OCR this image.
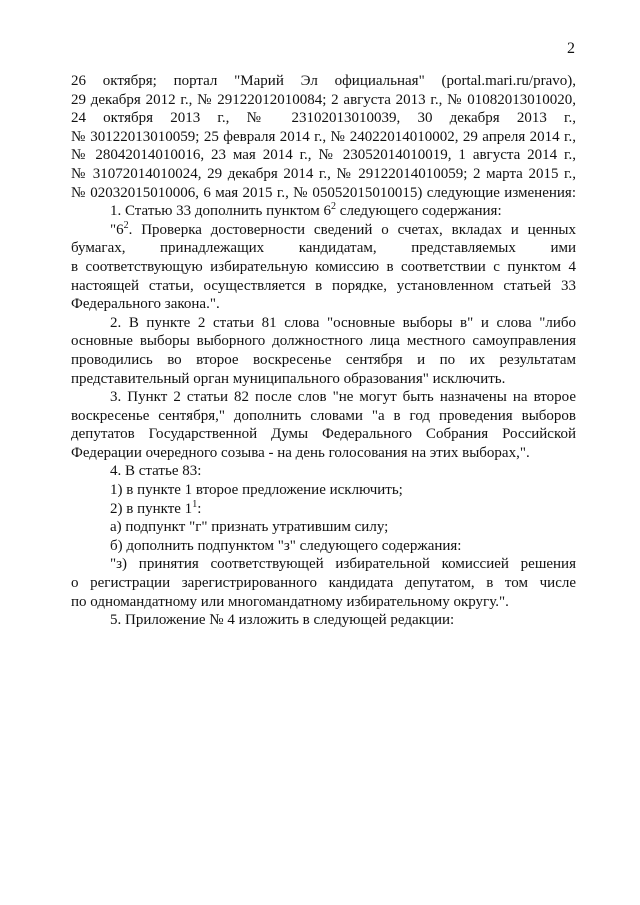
2
26 октября; портал "Марий Эл официальная" (portal.mari.ru/pravo),
29 декабря 2012 г., № 29122012010084; 2 августа 2013 г., № 01082013010020,
24 октября 2013 г., № 23102013010039, 30 декабря 2013 г.,
№ 30122013010059; 25 февраля 2014 г., № 24022014010002, 29 апреля 2014 г.,
№ 28042014010016, 23 мая 2014 г., № 23052014010019, 1 августа 2014 г.,
№ 31072014010024, 29 декабря 2014 г., № 29122014010059; 2 марта 2015 г.,
№ 02032015010006, 6 мая 2015 г., № 05052015010015) следующие изменения:
1. Статью 33 дополнить пунктом $6^2$ следующего содержания:
"$6^2$. Проверка достоверности сведений о счетах, вкладах и ценных
бумагах, принадлежащих кандидатам, представляемых ими
в соответствующую избирательную комиссию в соответствии с пунктом 4
настоящей статьи, осуществляется в порядке, установленном статьей 33
Федерального закона.".
2. В пункте 2 статьи 81 слова "основные выборы в" и слова "либо
основные выборы выборного должностного лица местного самоуправления
проводились во второе воскресенье сентября и по их результатам
представительный орган муниципального образования" исключить.
3. Пункт 2 статьи 82 после слов "не могут быть назначены на второе
воскресенье сентября," дополнить словами "а в год проведения выборов
депутатов Государственной Думы Федерального Собрания Российской
Федерации очередного созыва - на день голосования на этих выборах,".
4. В статье 83:
1) в пункте 1 второе предложение исключить;
2) в пункте $1^1$:
а) подпункт "г" признать утратившим силу;
б) дополнить подпунктом "з" следующего содержания:
"з) принятия соответствующей избирательной комиссией решения
о регистрации зарегистрированного кандидата депутатом, в том числе
по одномандатному или многомандатному избирательному округу.".
5. Приложение № 4 изложить в следующей редакции:
